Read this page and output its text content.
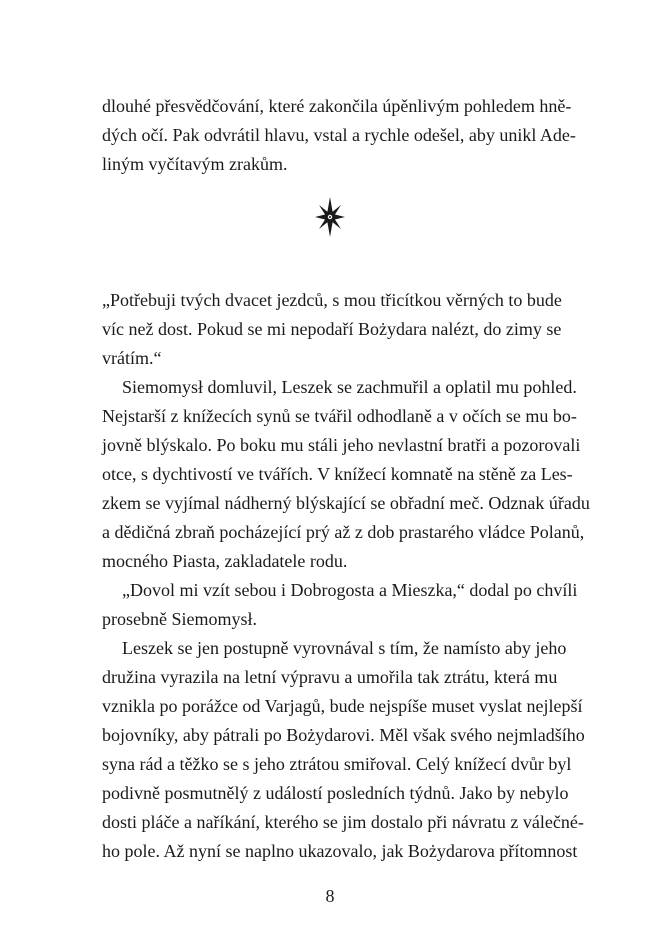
dlouhé přesvědčování, které zakončila úpěnlivým pohledem hně-
dých očí. Pak odvrátil hlavu, vstal a rychle odešel, aby unikl Ade-
liným vyčítavým zrakům.
„Potřebuji tvých dvacet jezdců, s mou třicítkou věrných to bude
víc než dost. Pokud se mi nepodaří Bożydara nalézt, do zimy se
vrátím.“
Siemomysł domluvil, Leszek se zachmuřil a oplatil mu pohled.
Nejstarší z knížecích synů se tvářil odhodlaně a v očích se mu bo-
jovně blýskalo. Po boku mu stáli jeho nevlastní bratři a pozorovali
otce, s dychtivostí ve tvářích. V knížecí komnatě na stěně za Les-
zkem se vyjímal nádherný blýskající se obřadní meč. Odznak úřadu
a dědičná zbraň pocházející prý až z dob prastarého vládce Polanů,
mocného Piasta, zakladatele rodu.
„Dovol mi vzít sebou i Dobrogosta a Mieszka,“ dodal po chvíli
prosebně Siemomysł.
Leszek se jen postupně vyrovnával s tím, že namísto aby jeho
družina vyrazila na letní výpravu a umořila tak ztrátu, která mu
vznikla po porážce od Varjagů, bude nejspíše muset vyslat nejlepší
bojovníky, aby pátrali po Bożydarovi. Měl však svého nejmladšího
syna rád a těžko se s jeho ztrátou smiřoval. Celý knížecí dvůr byl
podivně posmutnělý z událostí posledních týdnů. Jako by nebylo
dosti pláče a naříkání, kterého se jim dostalo při návratu z válečné-
ho pole. Až nyní se naplno ukazovalo, jak Bożydarova přítomnost
8
